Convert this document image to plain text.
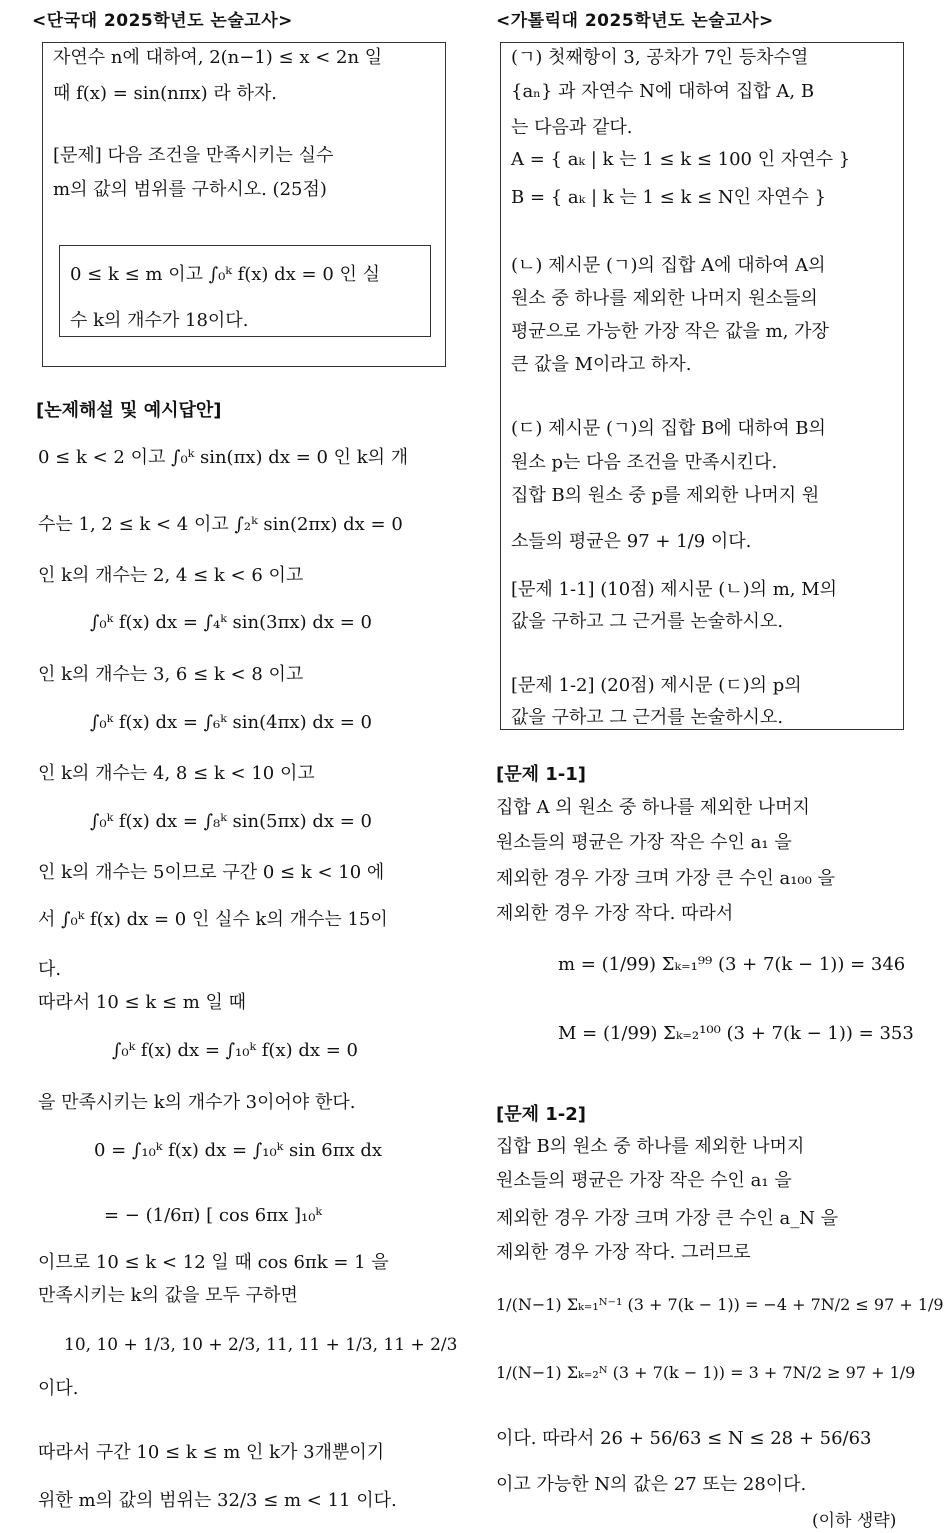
<단국대 2025학년도 논술고사>
자연수 n에 대하여, 2(n−1) ≤ x < 2n 일
때 f(x) = sin(nπx) 라 하자.
[문제] 다음 조건을 만족시키는 실수
m의 값의 범위를 구하시오. (25점)
0 ≤ k ≤ m 이고 ∫₀ᵏ f(x) dx = 0 인 실
수 k의 개수가 18이다.
[논제해설 및 예시답안]
0 ≤ k < 2 이고 ∫₀ᵏ sin(πx) dx = 0 인 k의 개
수는 1, 2 ≤ k < 4 이고 ∫₂ᵏ sin(2πx) dx = 0
인 k의 개수는 2, 4 ≤ k < 6 이고
∫₀ᵏ f(x) dx = ∫₄ᵏ sin(3πx) dx = 0
인 k의 개수는 3, 6 ≤ k < 8 이고
∫₀ᵏ f(x) dx = ∫₆ᵏ sin(4πx) dx = 0
인 k의 개수는 4, 8 ≤ k < 10 이고
∫₀ᵏ f(x) dx = ∫₈ᵏ sin(5πx) dx = 0
인 k의 개수는 5이므로 구간 0 ≤ k < 10 에
서 ∫₀ᵏ f(x) dx = 0 인 실수 k의 개수는 15이
다.
따라서 10 ≤ k ≤ m 일 때
∫₀ᵏ f(x) dx = ∫₁₀ᵏ f(x) dx = 0
을 만족시키는 k의 개수가 3이어야 한다.
0 = ∫₁₀ᵏ f(x) dx = ∫₁₀ᵏ sin 6πx dx
= − (1/6π) [ cos 6πx ]₁₀ᵏ
이므로 10 ≤ k < 12 일 때 cos 6πk = 1 을
만족시키는 k의 값을 모두 구하면
10, 10 + 1/3, 10 + 2/3, 11, 11 + 1/3, 11 + 2/3
이다.
따라서 구간 10 ≤ k ≤ m 인 k가 3개뿐이기
위한 m의 값의 범위는 32/3 ≤ m < 11 이다.
<가톨릭대 2025학년도 논술고사>
(ㄱ) 첫째항이 3, 공차가 7인 등차수열
{aₙ} 과 자연수 N에 대하여 집합 A, B
는 다음과 같다.
A = { aₖ | k 는 1 ≤ k ≤ 100 인 자연수 }
B = { aₖ | k 는 1 ≤ k ≤ N인 자연수 }
(ㄴ) 제시문 (ㄱ)의 집합 A에 대하여 A의
원소 중 하나를 제외한 나머지 원소들의
평균으로 가능한 가장 작은 값을 m, 가장
큰 값을 M이라고 하자.
(ㄷ) 제시문 (ㄱ)의 집합 B에 대하여 B의
원소 p는 다음 조건을 만족시킨다.
집합 B의 원소 중 p를 제외한 나머지 원
소들의 평균은 97 + 1/9 이다.
[문제 1-1] (10점) 제시문 (ㄴ)의 m, M의
값을 구하고 그 근거를 논술하시오.
[문제 1-2] (20점) 제시문 (ㄷ)의 p의
값을 구하고 그 근거를 논술하시오.
[문제 1-1]
집합 A 의 원소 중 하나를 제외한 나머지
원소들의 평균은 가장 작은 수인 a₁ 을
제외한 경우 가장 크며 가장 큰 수인 a₁₀₀ 을
제외한 경우 가장 작다. 따라서
m = (1/99) Σₖ₌₁⁹⁹ (3 + 7(k − 1)) = 346
M = (1/99) Σₖ₌₂¹⁰⁰ (3 + 7(k − 1)) = 353
[문제 1-2]
집합 B의 원소 중 하나를 제외한 나머지
원소들의 평균은 가장 작은 수인 a₁ 을
제외한 경우 가장 크며 가장 큰 수인 a_N 을
제외한 경우 가장 작다. 그러므로
1/(N−1) Σₖ₌₁ᴺ⁻¹ (3 + 7(k − 1)) = −4 + 7N/2 ≤ 97 + 1/9
1/(N−1) Σₖ₌₂ᴺ (3 + 7(k − 1)) = 3 + 7N/2 ≥ 97 + 1/9
이다. 따라서 26 + 56/63 ≤ N ≤ 28 + 56/63
이고 가능한 N의 값은 27 또는 28이다.
(이하 생략)
